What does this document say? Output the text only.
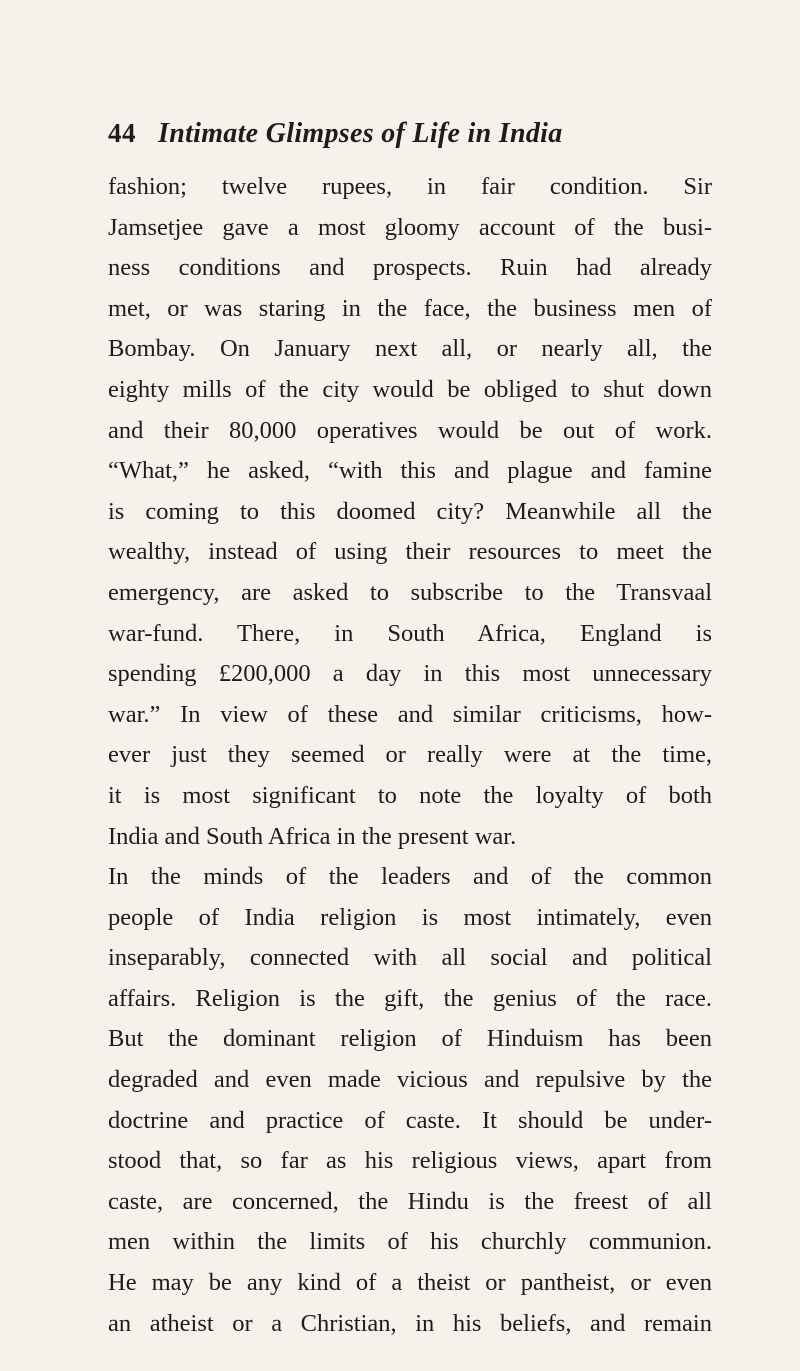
44 Intimate Glimpses of Life in India
fashion; twelve rupees, in fair condition. Sir
Jamsetjee gave a most gloomy account of the busi-
ness conditions and prospects. Ruin had already
met, or was staring in the face, the business men of
Bombay. On January next all, or nearly all, the
eighty mills of the city would be obliged to shut down
and their 80,000 operatives would be out of work.
“What,” he asked, “with this and plague and famine
is coming to this doomed city? Meanwhile all the
wealthy, instead of using their resources to meet the
emergency, are asked to subscribe to the Transvaal
war-fund. There, in South Africa, England is
spending £200,000 a day in this most unnecessary
war.” In view of these and similar criticisms, how-
ever just they seemed or really were at the time,
it is most significant to note the loyalty of both
India and South Africa in the present war.
In the minds of the leaders and of the common
people of India religion is most intimately, even
inseparably, connected with all social and political
affairs. Religion is the gift, the genius of the race.
But the dominant religion of Hinduism has been
degraded and even made vicious and repulsive by the
doctrine and practice of caste. It should be under-
stood that, so far as his religious views, apart from
caste, are concerned, the Hindu is the freest of all
men within the limits of his churchly communion.
He may be any kind of a theist or pantheist, or even
an atheist or a Christian, in his beliefs, and remain
